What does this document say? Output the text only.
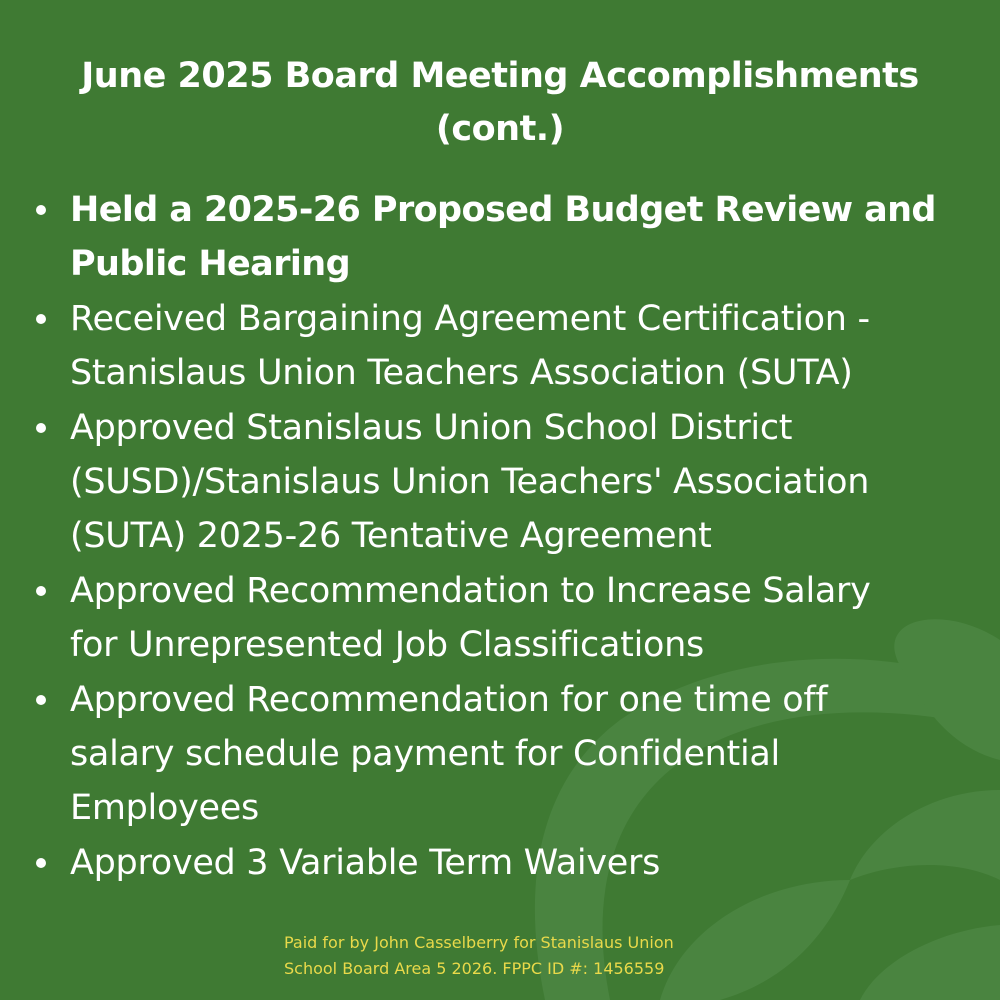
June 2025 Board Meeting Accomplishments
(cont.)
Held a 2025-26 Proposed Budget Review and
Public Hearing
Received Bargaining Agreement Certification -
Stanislaus Union Teachers Association (SUTA)
Approved Stanislaus Union School District
(SUSD)/Stanislaus Union Teachers' Association
(SUTA) 2025-26 Tentative Agreement
Approved Recommendation to Increase Salary
for Unrepresented Job Classifications
Approved Recommendation for one time off
salary schedule payment for Confidential
Employees
Approved 3 Variable Term Waivers

Paid for by John Casselberry for Stanislaus Union
School Board Area 5 2026. FPPC ID #: 1456559
